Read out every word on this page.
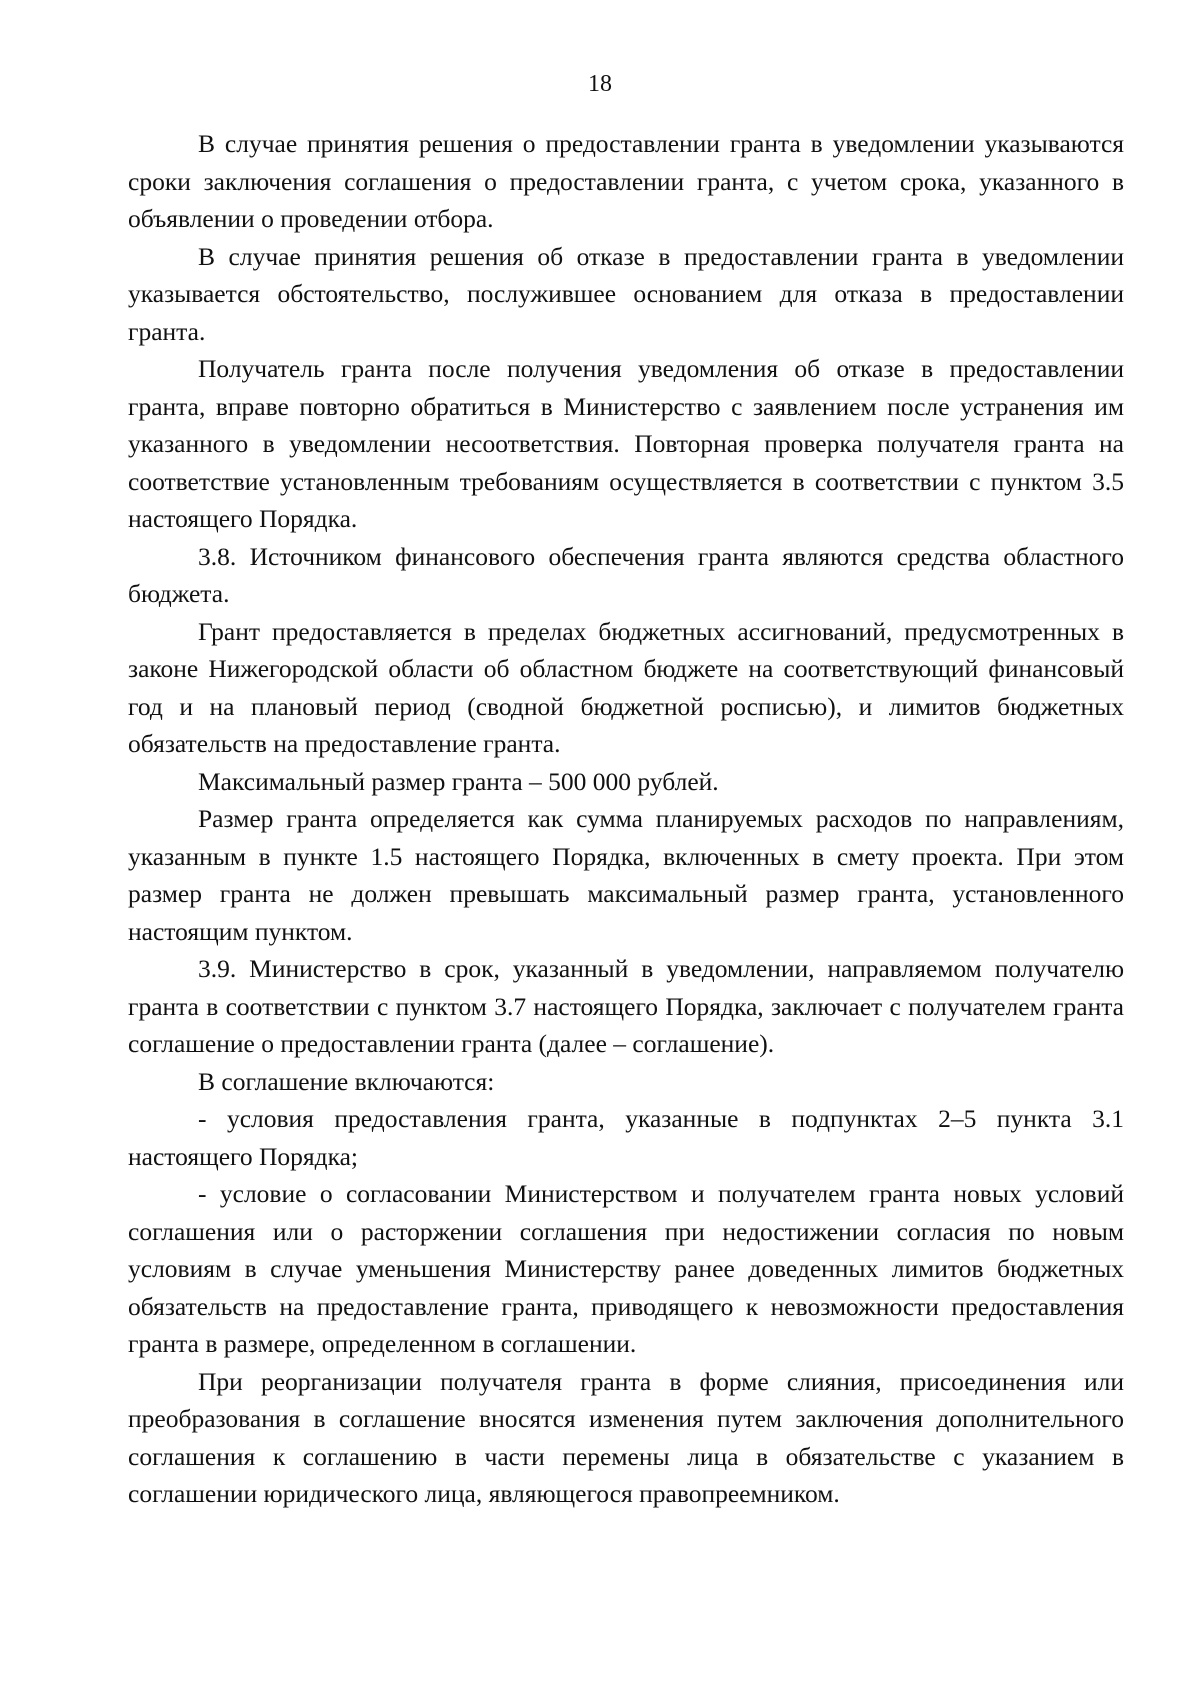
18

В случае принятия решения о предоставлении гранта в уведомлении указываются сроки заключения соглашения о предоставлении гранта, с учетом срока, указанного в объявлении о проведении отбора.

В случае принятия решения об отказе в предоставлении гранта в уведомлении указывается обстоятельство, послужившее основанием для отказа в предоставлении гранта.

Получатель гранта после получения уведомления об отказе в предоставлении гранта, вправе повторно обратиться в Министерство с заявлением после устранения им указанного в уведомлении несоответствия. Повторная проверка получателя гранта на соответствие установленным требованиям осуществляется в соответствии с пунктом 3.5 настоящего Порядка.

3.8. Источником финансового обеспечения гранта являются средства областного бюджета.

Грант предоставляется в пределах бюджетных ассигнований, предусмотренных в законе Нижегородской области об областном бюджете на соответствующий финансовый год и на плановый период (сводной бюджетной росписью), и лимитов бюджетных обязательств на предоставление гранта.

Максимальный размер гранта – 500 000 рублей.

Размер гранта определяется как сумма планируемых расходов по направлениям, указанным в пункте 1.5 настоящего Порядка, включенных в смету проекта. При этом размер гранта не должен превышать максимальный размер гранта, установленного настоящим пунктом.

3.9. Министерство в срок, указанный в уведомлении, направляемом получателю гранта в соответствии с пунктом 3.7 настоящего Порядка, заключает с получателем гранта соглашение о предоставлении гранта (далее – соглашение).

В соглашение включаются:

- условия предоставления гранта, указанные в подпунктах 2–5 пункта 3.1 настоящего Порядка;

- условие о согласовании Министерством и получателем гранта новых условий соглашения или о расторжении соглашения при недостижении согласия по новым условиям в случае уменьшения Министерству ранее доведенных лимитов бюджетных обязательств на предоставление гранта, приводящего к невозможности предоставления гранта в размере, определенном в соглашении.

При реорганизации получателя гранта в форме слияния, присоединения или преобразования в соглашение вносятся изменения путем заключения дополнительного соглашения к соглашению в части перемены лица в обязательстве с указанием в соглашении юридического лица, являющегося правопреемником.
